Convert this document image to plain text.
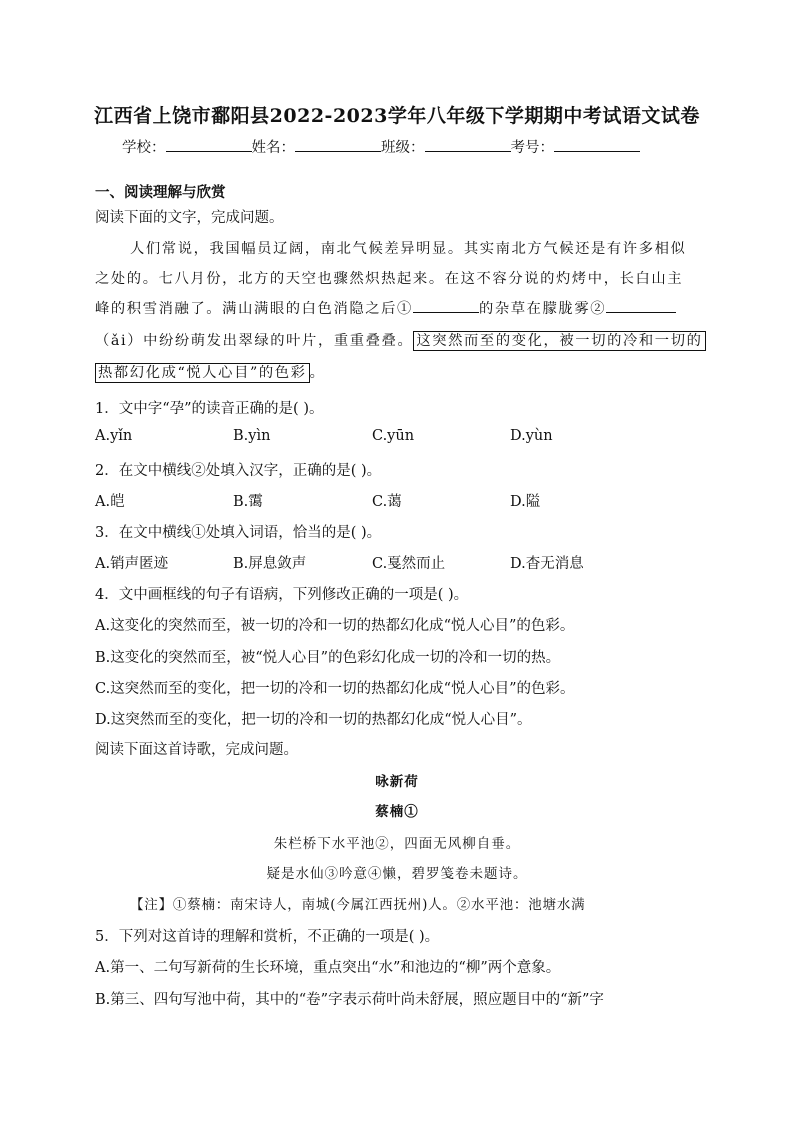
江西省上饶市鄱阳县2022-2023学年八年级下学期期中考试语文试卷
学校：	姓名：	班级：	考号：
一、阅读理解与欣赏
阅读下面的文字，完成问题。
人们常说，我国幅员辽阔，南北气候差异明显。其实南北方气候还是有许多相似
之处的。七八月份，北方的天空也骤然炽热起来。在这不容分说的灼烤中，长白山主
峰的积雪消融了。满山满眼的白色消隐之后①	的杂草在朦胧雾②
（ǎi）中纷纷萌发出翠绿的叶片，重重叠叠。 这突然而至的变化，被一切的冷和一切的
热都幻化成“悦人心目”的色彩 。
1．文中字“孕”的读音正确的是( )。
A.yǐn	B.yìn	C.yūn	D.yùn
2．在文中横线②处填入汉字，正确的是( )。
A.皑	B.霭	C.蔼	D.隘
3．在文中横线①处填入词语，恰当的是( )。
A.销声匿迹	B.屏息敛声	C.戛然而止	D.杳无消息
4．文中画框线的句子有语病，下列修改正确的一项是( )。
A.这变化的突然而至，被一切的冷和一切的热都幻化成“悦人心目”的色彩。
B.这变化的突然而至，被“悦人心目”的色彩幻化成一切的冷和一切的热。
C.这突然而至的变化，把一切的冷和一切的热都幻化成“悦人心目”的色彩。
D.这突然而至的变化，把一切的冷和一切的热都幻化成“悦人心目”。
阅读下面这首诗歌，完成问题。
咏新荷
蔡楠①
朱栏桥下水平池②，四面无风柳自垂。
疑是水仙③吟意④懒，碧罗笺卷未题诗。
【注】①蔡楠：南宋诗人，南城(今属江西抚州)人。②水平池：池塘水满
5．下列对这首诗的理解和赏析，不正确的一项是( )。
A.第一、二句写新荷的生长环境，重点突出“水”和池边的“柳”两个意象。
B.第三、四句写池中荷，其中的“卷”字表示荷叶尚未舒展，照应题目中的“新”字
